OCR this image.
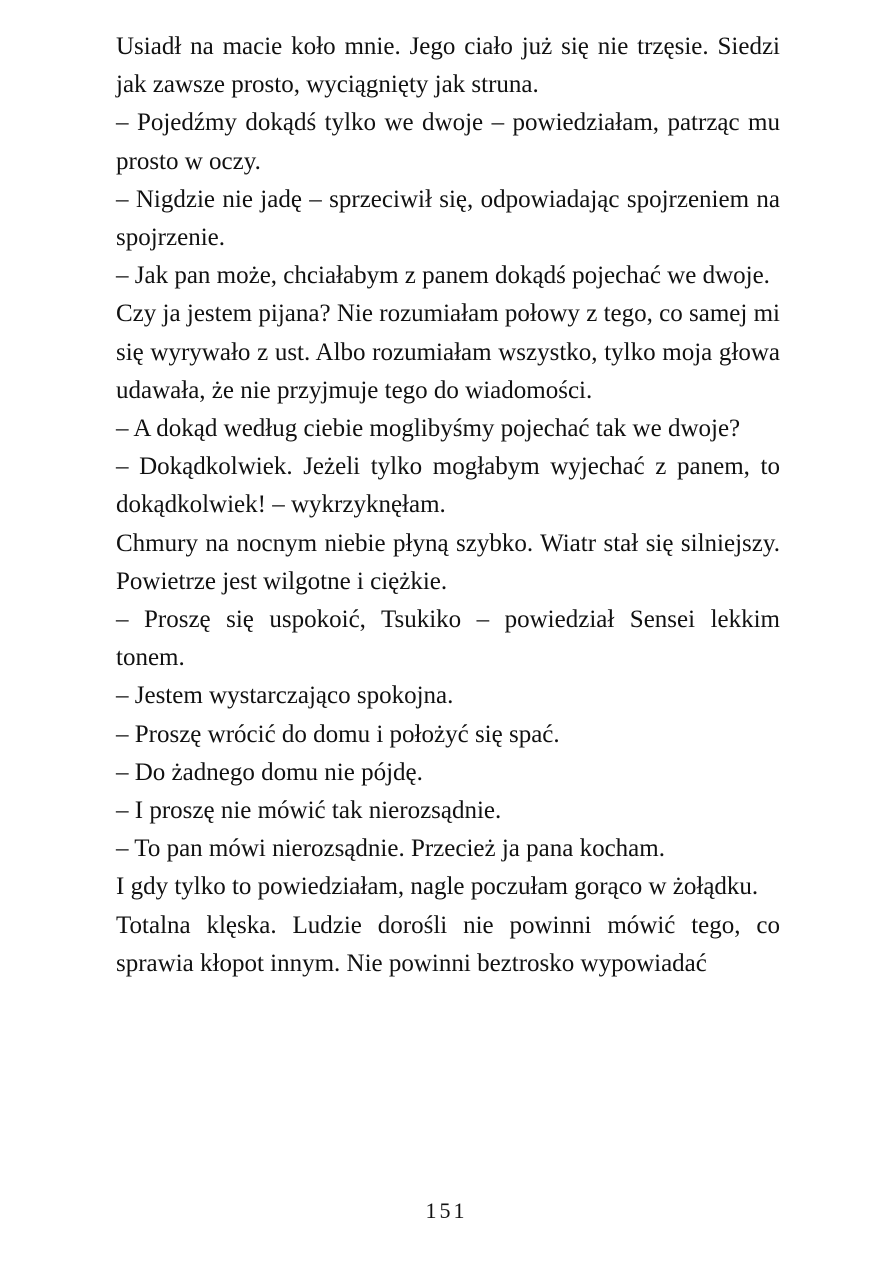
Usiadł na macie koło mnie. Jego ciało już się nie trzęsie. Siedzi jak zawsze prosto, wyciągnięty jak struna.

– Pojedźmy dokądś tylko we dwoje – powiedziałam, patrząc mu prosto w oczy.

– Nigdzie nie jadę – sprzeciwił się, odpowiadając spojrzeniem na spojrzenie.

– Jak pan może, chciałabym z panem dokądś pojechać we dwoje.

Czy ja jestem pijana? Nie rozumiałam połowy z tego, co samej mi się wyrywało z ust. Albo rozumiałam wszystko, tylko moja głowa udawała, że nie przyjmuje tego do wiadomości.

– A dokąd według ciebie moglibyśmy pojechać tak we dwoje?

– Dokądkolwiek. Jeżeli tylko mogłabym wyjechać z panem, to dokądkolwiek! – wykrzyknęłam.

Chmury na nocnym niebie płyną szybko. Wiatr stał się silniejszy. Powietrze jest wilgotne i ciężkie.

– Proszę się uspokoić, Tsukiko – powiedział Sensei lekkim tonem.

– Jestem wystarczająco spokojna.

– Proszę wrócić do domu i położyć się spać.

– Do żadnego domu nie pójdę.

– I proszę nie mówić tak nierozsądnie.

– To pan mówi nierozsądnie. Przecież ja pana kocham.

I gdy tylko to powiedziałam, nagle poczułam gorąco w żołądku.

Totalna klęska. Ludzie dorośli nie powinni mówić tego, co sprawia kłopot innym. Nie powinni beztrosko wypowiadać

151
